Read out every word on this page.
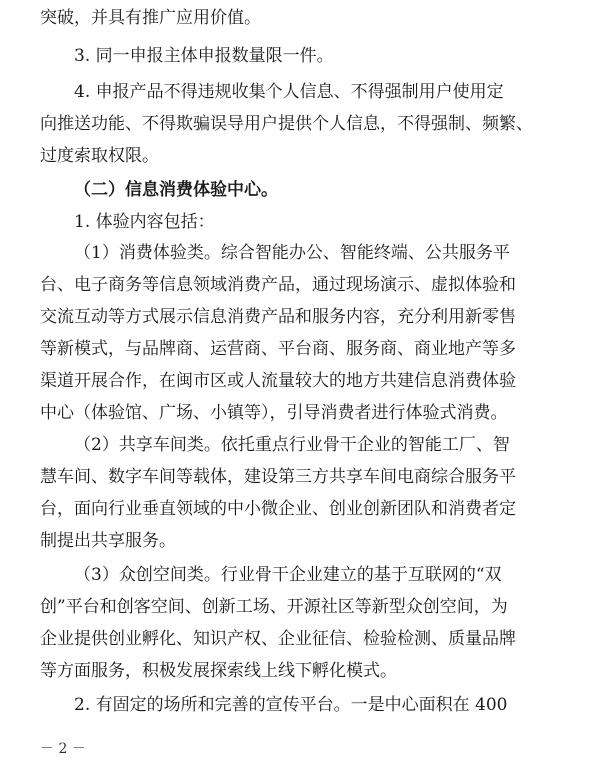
突破，并具有推广应用价值。
3. 同一申报主体申报数量限一件。
4. 申报产品不得违规收集个人信息、不得强制用户使用定
向推送功能、不得欺骗误导用户提供个人信息，不得强制、频繁、
过度索取权限。
（二）信息消费体验中心。
1. 体验内容包括：
（1）消费体验类。综合智能办公、智能终端、公共服务平
台、电子商务等信息领域消费产品，通过现场演示、虚拟体验和
交流互动等方式展示信息消费产品和服务内容，充分利用新零售
等新模式，与品牌商、运营商、平台商、服务商、商业地产等多
渠道开展合作，在闽市区或人流量较大的地方共建信息消费体验
中心（体验馆、广场、小镇等），引导消费者进行体验式消费。
（2）共享车间类。依托重点行业骨干企业的智能工厂、智
慧车间、数字车间等载体，建设第三方共享车间电商综合服务平
台，面向行业垂直领域的中小微企业、创业创新团队和消费者定
制提出共享服务。
（3）众创空间类。行业骨干企业建立的基于互联网的“双
创”平台和创客空间、创新工场、开源社区等新型众创空间，为
企业提供创业孵化、知识产权、企业征信、检验检测、质量品牌
等方面服务，积极发展探索线上线下孵化模式。
2. 有固定的场所和完善的宣传平台。一是中心面积在 400
－ 2 －
